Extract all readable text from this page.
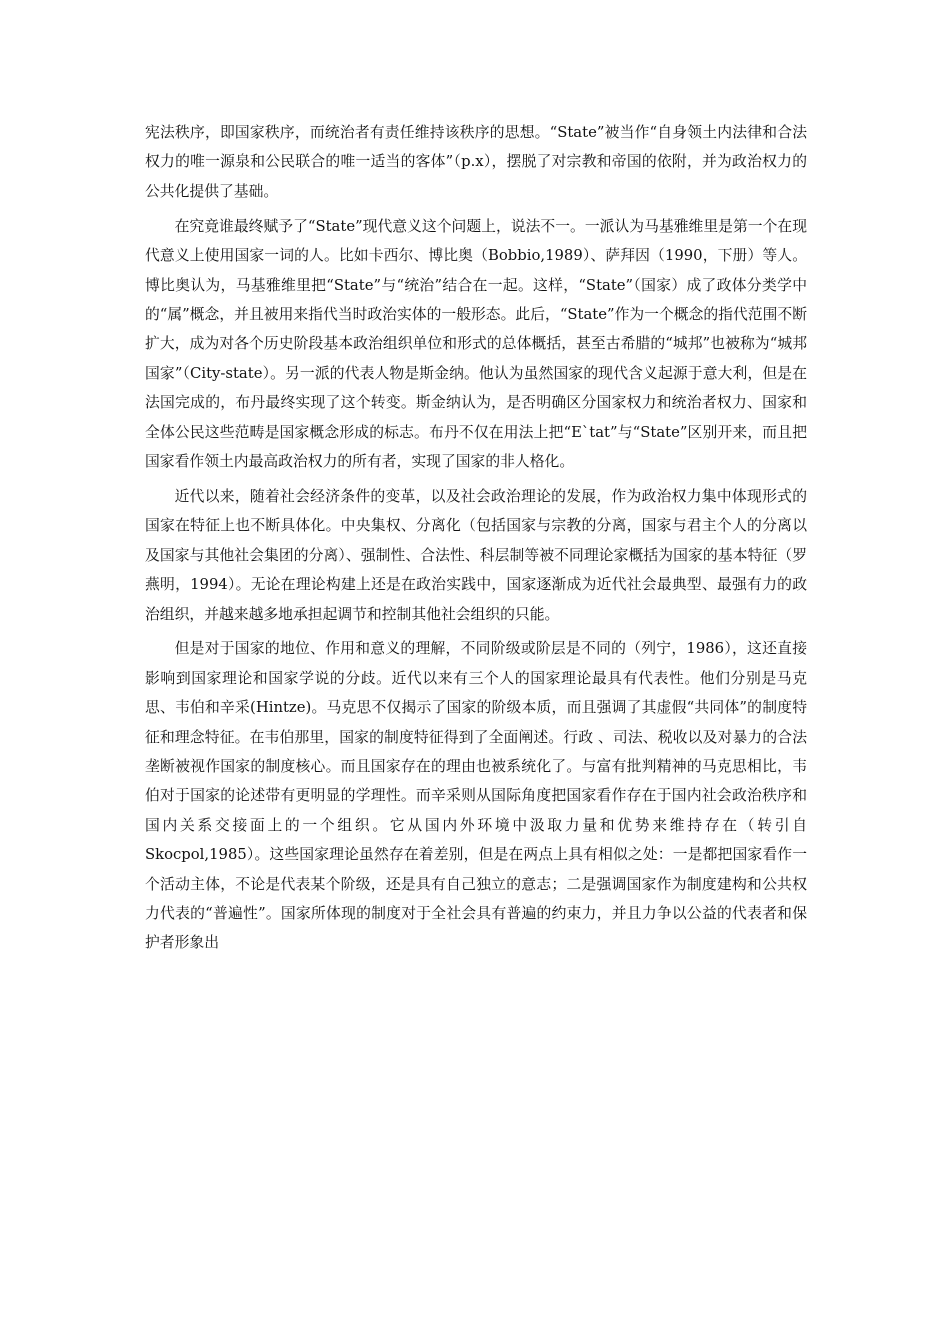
宪法秩序，即国家秩序，而统治者有责任维持该秩序的思想。“State”被当作“自身领土内法律和合法权力的唯一源泉和公民联合的唯一适当的客体”（p.x），摆脱了对宗教和帝国的依附，并为政治权力的公共化提供了基础。

在究竟谁最终赋予了“State”现代意义这个问题上，说法不一。一派认为马基雅维里是第一个在现代意义上使用国家一词的人。比如卡西尔、博比奥（Bobbio,1989）、萨拜因（1990，下册）等人。博比奥认为，马基雅维里把“State”与“统治”结合在一起。这样，“State”（国家）成了政体分类学中的“属”概念，并且被用来指代当时政治实体的一般形态。此后，“State”作为一个概念的指代范围不断扩大，成为对各个历史阶段基本政治组织单位和形式的总体概括，甚至古希腊的“城邦”也被称为“城邦国家”（City-state）。另一派的代表人物是斯金纳。他认为虽然国家的现代含义起源于意大利，但是在法国完成的，布丹最终实现了这个转变。斯金纳认为，是否明确区分国家权力和统治者权力、国家和全体公民这些范畴是国家概念形成的标志。布丹不仅在用法上把“E`tat”与“State”区别开来，而且把国家看作领土内最高政治权力的所有者，实现了国家的非人格化。

近代以来，随着社会经济条件的变革，以及社会政治理论的发展，作为政治权力集中体现形式的国家在特征上也不断具体化。中央集权、分离化（包括国家与宗教的分离，国家与君主个人的分离以及国家与其他社会集团的分离）、强制性、合法性、科层制等被不同理论家概括为国家的基本特征（罗燕明，1994）。无论在理论构建上还是在政治实践中，国家逐渐成为近代社会最典型、最强有力的政治组织，并越来越多地承担起调节和控制其他社会组织的只能。

但是对于国家的地位、作用和意义的理解，不同阶级或阶层是不同的（列宁，1986），这还直接影响到国家理论和国家学说的分歧。近代以来有三个人的国家理论最具有代表性。他们分别是马克思、韦伯和辛采(Hintze)。马克思不仅揭示了国家的阶级本质，而且强调了其虚假“共同体”的制度特征和理念特征。在韦伯那里，国家的制度特征得到了全面阐述。行政 、司法、税收以及对暴力的合法垄断被视作国家的制度核心。而且国家存在的理由也被系统化了。与富有批判精神的马克思相比，韦伯对于国家的论述带有更明显的学理性。而辛采则从国际角度把国家看作存在于国内社会政治秩序和国内关系交接面上的一个组织。它从国内外环境中汲取力量和优势来维持存在（转引自 Skocpol,1985）。这些国家理论虽然存在着差别，但是在两点上具有相似之处：一是都把国家看作一个活动主体，不论是代表某个阶级，还是具有自己独立的意志；二是强调国家作为制度建构和公共权力代表的“普遍性”。国家所体现的制度对于全社会具有普遍的约束力，并且力争以公益的代表者和保护者形象出
